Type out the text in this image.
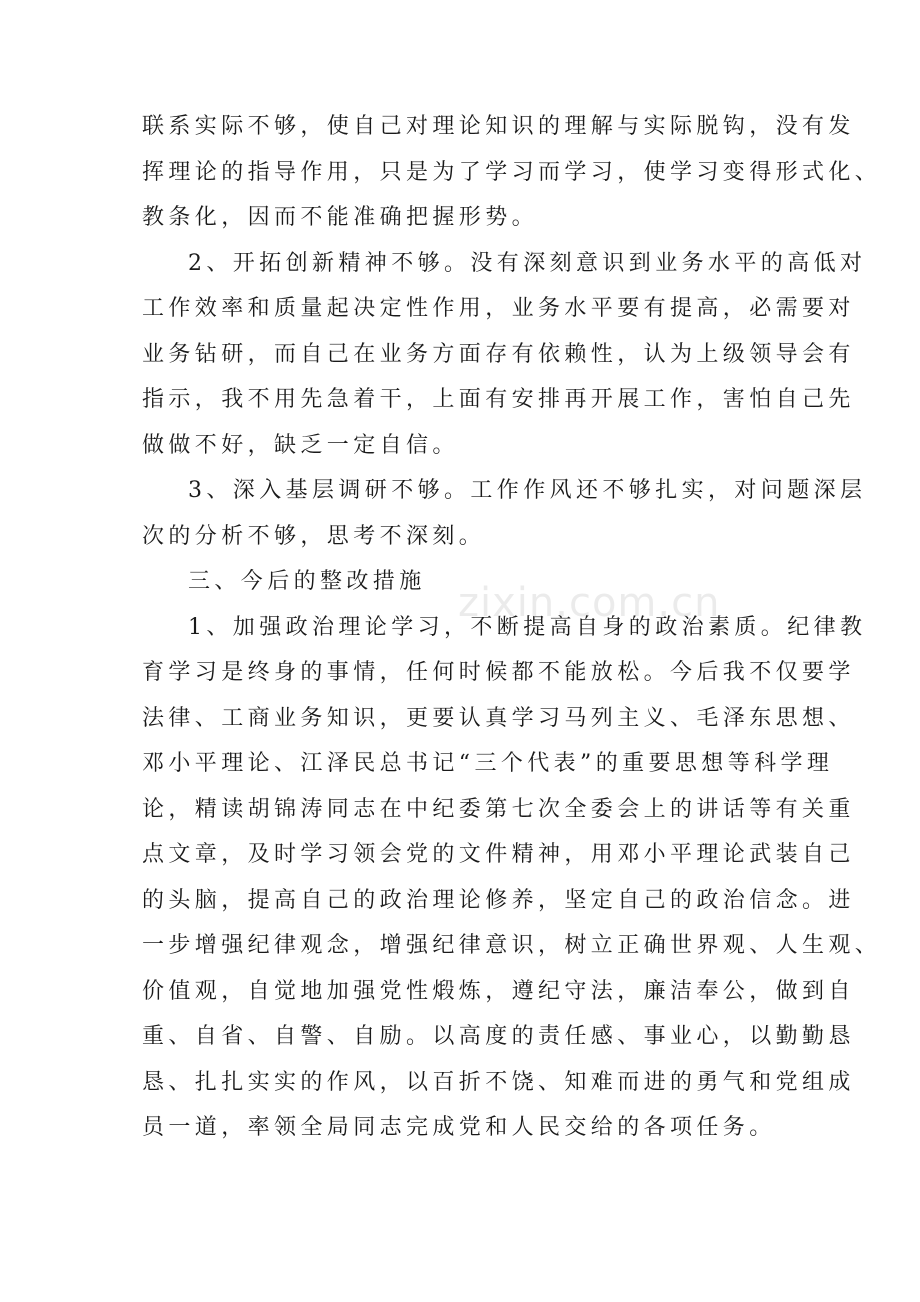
联系实际不够，使自己对理论知识的理解与实际脱钩，没有发
挥理论的指导作用，只是为了学习而学习，使学习变得形式化、
教条化，因而不能准确把握形势。
2、开拓创新精神不够。没有深刻意识到业务水平的高低对
工作效率和质量起决定性作用，业务水平要有提高，必需要对
业务钻研，而自己在业务方面存有依赖性，认为上级领导会有
指示，我不用先急着干，上面有安排再开展工作，害怕自己先
做做不好，缺乏一定自信。
3、深入基层调研不够。工作作风还不够扎实，对问题深层
次的分析不够，思考不深刻。
三、今后的整改措施
1、加强政治理论学习，不断提高自身的政治素质。纪律教
育学习是终身的事情，任何时候都不能放松。今后我不仅要学
法律、工商业务知识，更要认真学习马列主义、毛泽东思想、
邓小平理论、江泽民总书记“三个代表”的重要思想等科学理
论，精读胡锦涛同志在中纪委第七次全委会上的讲话等有关重
点文章，及时学习领会党的文件精神，用邓小平理论武装自己
的头脑，提高自己的政治理论修养，坚定自己的政治信念。进
一步增强纪律观念，增强纪律意识，树立正确世界观、人生观、
价值观，自觉地加强党性煅炼，遵纪守法，廉洁奉公，做到自
重、自省、自警、自励。以高度的责任感、事业心，以勤勤恳
恳、扎扎实实的作风，以百折不饶、知难而进的勇气和党组成
员一道，率领全局同志完成党和人民交给的各项任务。
zixin.com.cn
